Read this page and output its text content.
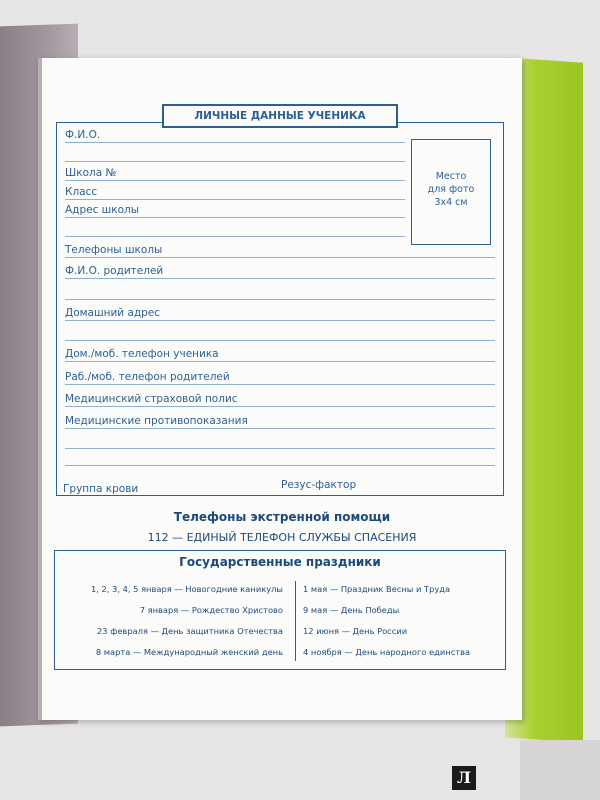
ЛИЧНЫЕ ДАННЫЕ УЧЕНИКА
Ф.И.О.
Школа №
Класс
Адрес школы
Телефоны школы
Ф.И.О. родителей
Домашний адрес
Дом./моб. телефон ученика
Раб./моб. телефон родителей
Медицинский страховой полис
Медицинские противопоказания
Место
для фото
3x4 см
Группа крови	Резус-фактор
Телефоны экстренной помощи
112 — ЕДИНЫЙ ТЕЛЕФОН СЛУЖБЫ СПАСЕНИЯ
Государственные праздники
1, 2, 3, 4, 5 января — Новогодние каникулы
7 января — Рождество Христово
23 февраля — День защитника Отечества
8 марта — Международный женский день
1 мая — Праздник Весны и Труда
9 мая — День Победы
12 июня — День России
4 ноября — День народного единства
Л
